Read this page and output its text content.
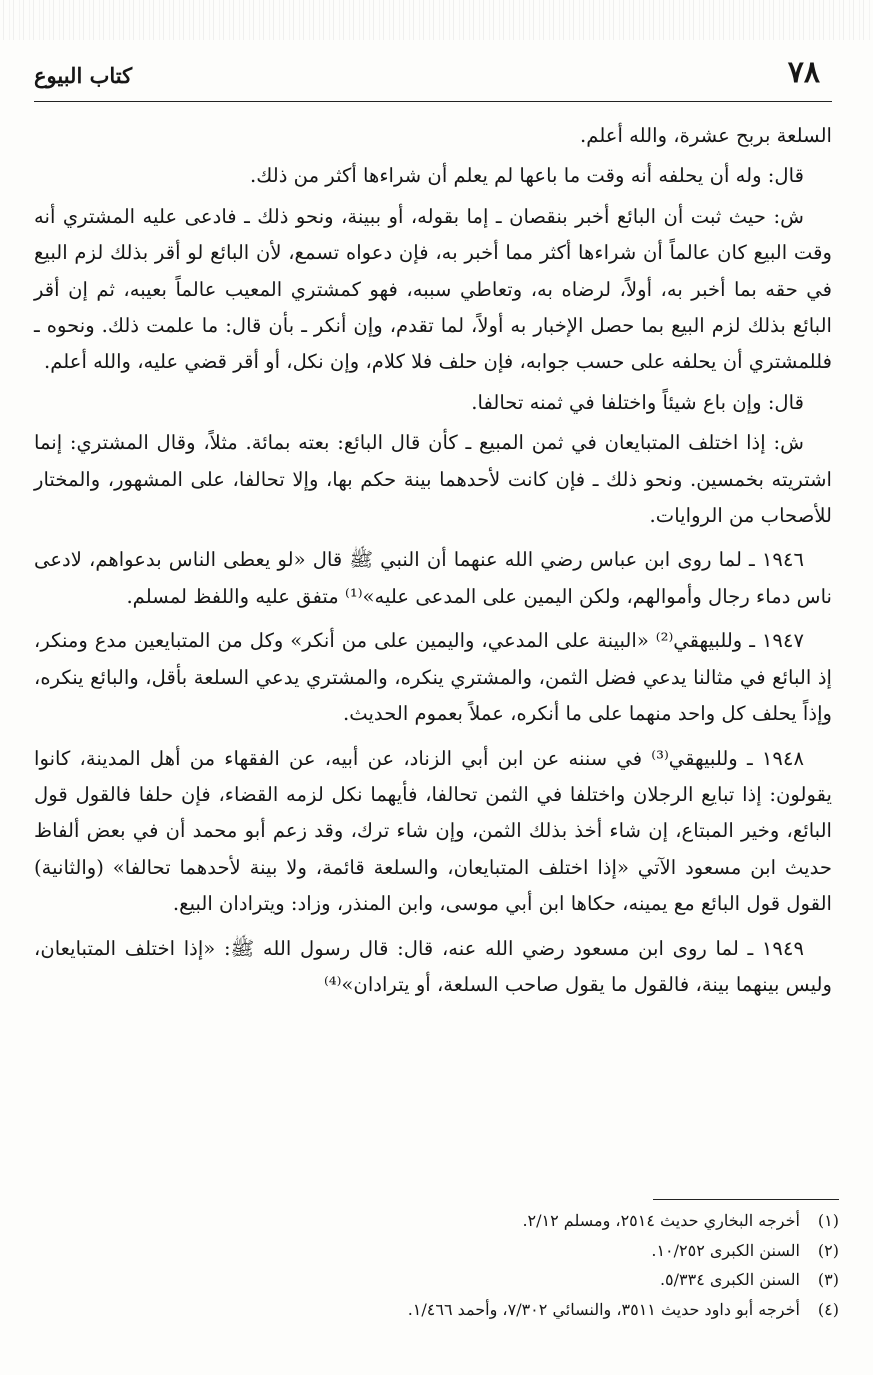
٧٨
كتاب البيوع

السلعة بربح عشرة، والله أعلم.

قال: وله أن يحلفه أنه وقت ما باعها لم يعلم أن شراءها أكثر من ذلك.

ش: حيث ثبت أن البائع أخبر بنقصان ـ إما بقوله، أو ببينة، ونحو ذلك ـ فادعى عليه المشتري أنه وقت البيع كان عالماً أن شراءها أكثر مما أخبر به، فإن دعواه تسمع، لأن البائع لو أقر بذلك لزم البيع في حقه بما أخبر به، أولاً، لرضاه به، وتعاطي سببه، فهو كمشتري المعيب عالماً بعيبه، ثم إن أقر البائع بذلك لزم البيع بما حصل الإخبار به أولاً، لما تقدم، وإن أنكر ـ بأن قال: ما علمت ذلك. ونحوه ـ فللمشتري أن يحلفه على حسب جوابه، فإن حلف فلا كلام، وإن نكل، أو أقر قضي عليه، والله أعلم.

قال: وإن باع شيئاً واختلفا في ثمنه تحالفا.

ش: إذا اختلف المتبايعان في ثمن المبيع ـ كأن قال البائع: بعته بمائة. مثلاً، وقال المشتري: إنما اشتريته بخمسين. ونحو ذلك ـ فإن كانت لأحدهما بينة حكم بها، وإلا تحالفا، على المشهور، والمختار للأصحاب من الروايات.

١٩٤٦ ـ لما روى ابن عباس رضي الله عنهما أن النبي ﷺ قال «لو يعطى الناس بدعواهم، لادعى ناس دماء رجال وأموالهم، ولكن اليمين على المدعى عليه»⁽¹⁾ متفق عليه واللفظ لمسلم.

١٩٤٧ ـ وللبيهقي⁽²⁾ «البينة على المدعي، واليمين على من أنكر» وكل من المتبايعين مدع ومنكر، إذ البائع في مثالنا يدعي فضل الثمن، والمشتري ينكره، والمشتري يدعي السلعة بأقل، والبائع ينكره، وإذاً يحلف كل واحد منهما على ما أنكره، عملاً بعموم الحديث.

١٩٤٨ ـ وللبيهقي⁽³⁾ في سننه عن ابن أبي الزناد، عن أبيه، عن الفقهاء من أهل المدينة، كانوا يقولون: إذا تبايع الرجلان واختلفا في الثمن تحالفا، فأيهما نكل لزمه القضاء، فإن حلفا فالقول قول البائع، وخير المبتاع، إن شاء أخذ بذلك الثمن، وإن شاء ترك، وقد زعم أبو محمد أن في بعض ألفاظ حديث ابن مسعود الآتي «إذا اختلف المتبايعان، والسلعة قائمة، ولا بينة لأحدهما تحالفا» (والثانية) القول قول البائع مع يمينه، حكاها ابن أبي موسى، وابن المنذر، وزاد: ويترادان البيع.

١٩٤٩ ـ لما روى ابن مسعود رضي الله عنه، قال: قال رسول الله ﷺ: «إذا اختلف المتبايعان، وليس بينهما بينة، فالقول ما يقول صاحب السلعة، أو يترادان»⁽⁴⁾

(١) أخرجه البخاري حديث ٢٥١٤، ومسلم ٢/١٢.

(٢) السنن الكبرى ١٠/٢٥٢.

(٣) السنن الكبرى ٥/٣٣٤.

(٤) أخرجه أبو داود حديث ٣٥١١، والنسائي ٧/٣٠٢، وأحمد ١/٤٦٦.
